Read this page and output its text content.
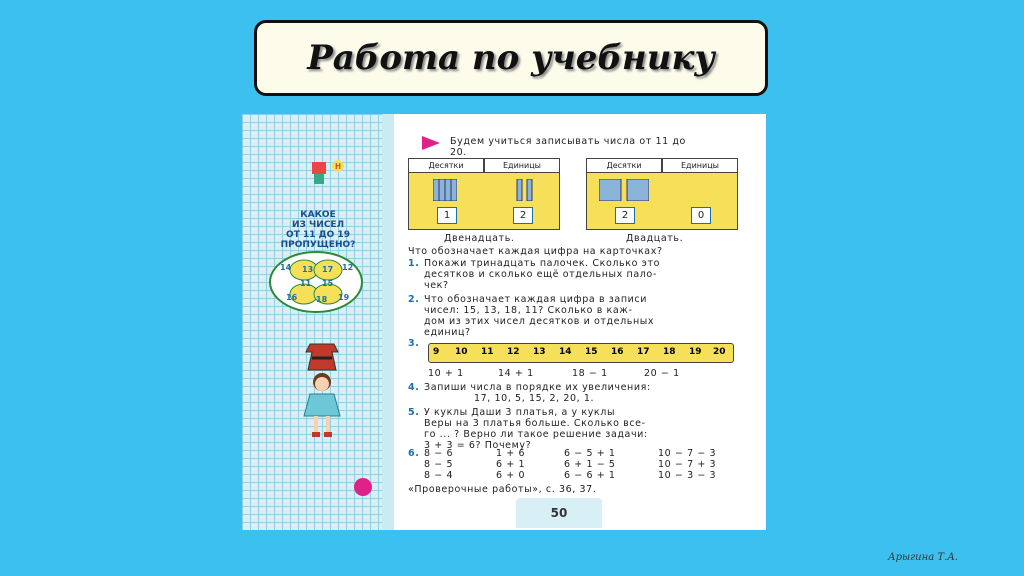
Работа по учебнику
Н
КАКОЕ
ИЗ ЧИСЕЛ
ОТ 11 ДО 19
ПРОПУЩЕНО?
14 13 17 12
11 15
16 18 19
Будем учиться записывать числа от 11 до
20.
Десятки	Единицы
1	2
Двенадцать.
Десятки	Единицы
2	0
Двадцать.
Что обозначает каждая цифра на карточках?
1. Покажи тринадцать палочек. Сколько это
десятков и сколько ещё отдельных пало-
чек?
2. Что обозначает каждая цифра в записи
чисел: 15, 13, 18, 11? Сколько в каж-
дом из этих чисел десятков и отдельных
единиц?
3.
9 10 11 12 13 14 15 16 17 18 19 20
10 + 1	14 + 1	18 − 1	20 − 1
4. Запиши числа в порядке их увеличения:
17, 10, 5, 15, 2, 20, 1.
5. У куклы Даши 3 платья, а у куклы
Веры на 3 платья больше. Сколько все-
го ... ? Верно ли такое решение задачи:
3 + 3 = 6? Почему?
6. 8 − 6	1 + 6	6 − 5 + 1	10 − 7 − 3
8 − 5	6 + 1	6 + 1 − 5	10 − 7 + 3
8 − 4	6 + 0	6 − 6 + 1	10 − 3 − 3
«Проверочные работы», с. 36, 37.
50
Арыгина Т.А.
